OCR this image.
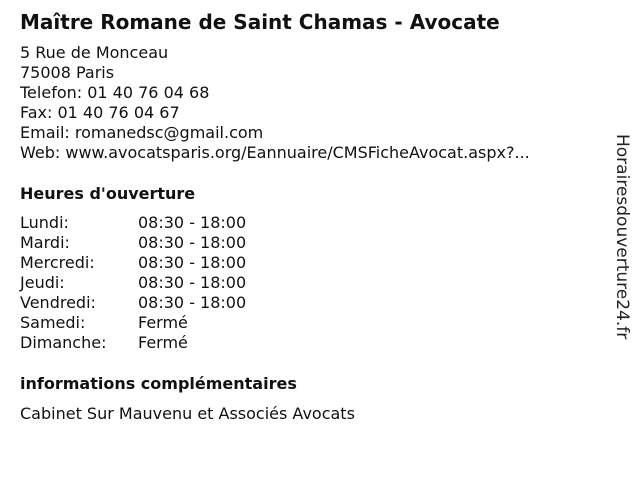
Maître Romane de Saint Chamas - Avocate
5 Rue de Monceau
75008 Paris
Telefon: 01 40 76 04 68
Fax: 01 40 76 04 67
Email: romanedsc@gmail.com
Web: www.avocatsparis.org/Eannuaire/CMSFicheAvocat.aspx?...
Heures d'ouverture
Lundi:	08:30 - 18:00
Mardi:	08:30 - 18:00
Mercredi:	08:30 - 18:00
Jeudi:	08:30 - 18:00
Vendredi:	08:30 - 18:00
Samedi:	Fermé
Dimanche: Fermé
informations complémentaires
Cabinet Sur Mauvenu et Associés Avocats
Horairesdouverture24.fr
